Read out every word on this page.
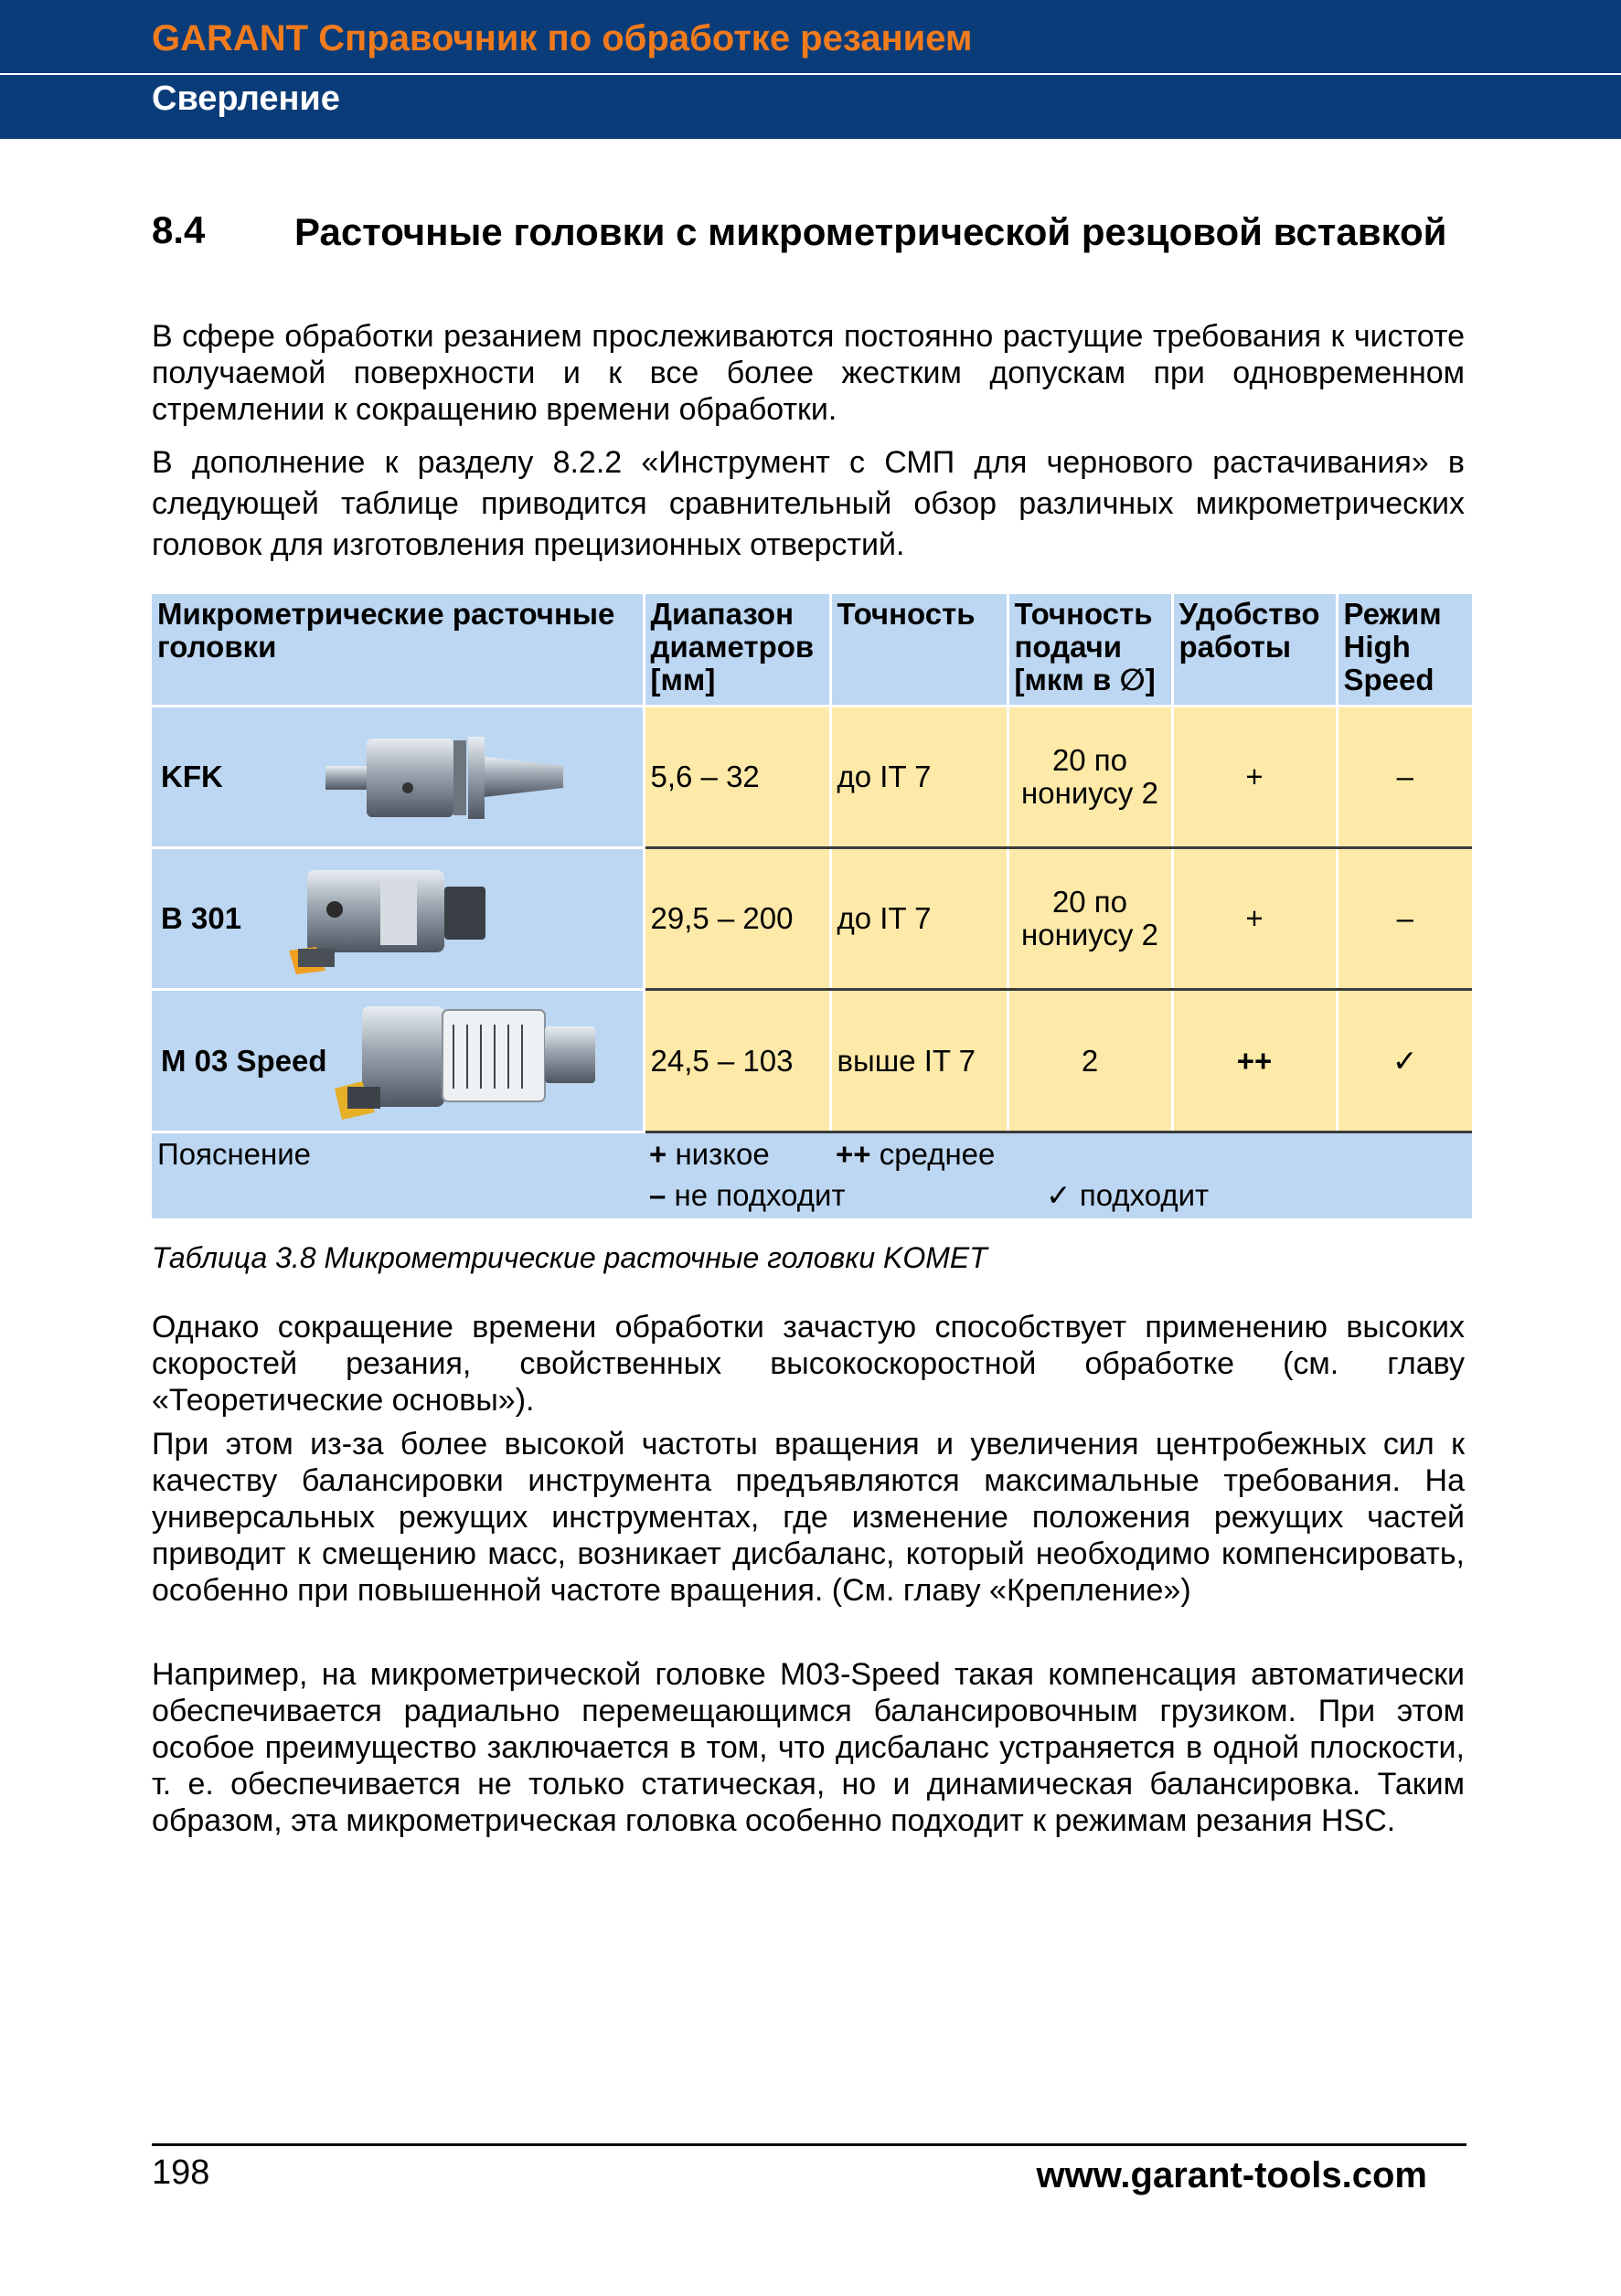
GARANT Справочник по обработке резанием
Сверление
8.4 Расточные головки с микрометрической резцовой вставкой

В сфере обработки резанием прослеживаются постоянно растущие требования к чистоте получаемой поверхности и к все более жестким допускам при одновременном стремлении к сокращению времени обработки.

В дополнение к разделу 8.2.2 «Инструмент с СМП для чернового растачивания» в следующей таблице приводится сравнительный обзор различных микрометрических головок для изготовления прецизионных отверстий.

Микрометрические расточные головки	Диапазон диаметров [мм]	Точность	Точность подачи [мкм в ∅]	Удобство работы	Режим High Speed

KFK	5,6 – 32	до IT 7	20 по нониусу 2	+	–

B 301	29,5 – 200	до IT 7	20 по нониусу 2	+	–

M 03 Speed	24,5 – 103	выше IT 7	2	++	✓
Пояснение	+ низкое
– не подходит	++ среднее	✓ подходит		
Таблица 3.8 Микрометрические расточные головки KOMET

Однако сокращение времени обработки зачастую способствует применению высоких скоростей резания, свойственных высокоскоростной обработке (см. главу «Теоретические основы»).

При этом из-за более высокой частоты вращения и увеличения центробежных сил к качеству балансировки инструмента предъявляются максимальные требования. На универсальных режущих инструментах, где изменение положения режущих частей приводит к смещению масс, возникает дисбаланс, который необходимо компенсировать, особенно при повышенной частоте вращения. (См. главу «Крепление»)

Например, на микрометрической головке M03-Speed такая компенсация автоматически обеспечивается радиально перемещающимся балансировочным грузиком. При этом особое преимущество заключается в том, что дисбаланс устраняется в одной плоскости, т. е. обеспечивается не только статическая, но и динамическая балансировка. Таким образом, эта микрометрическая головка особенно подходит к режимам резания HSC.

198	www.garant-tools.com
